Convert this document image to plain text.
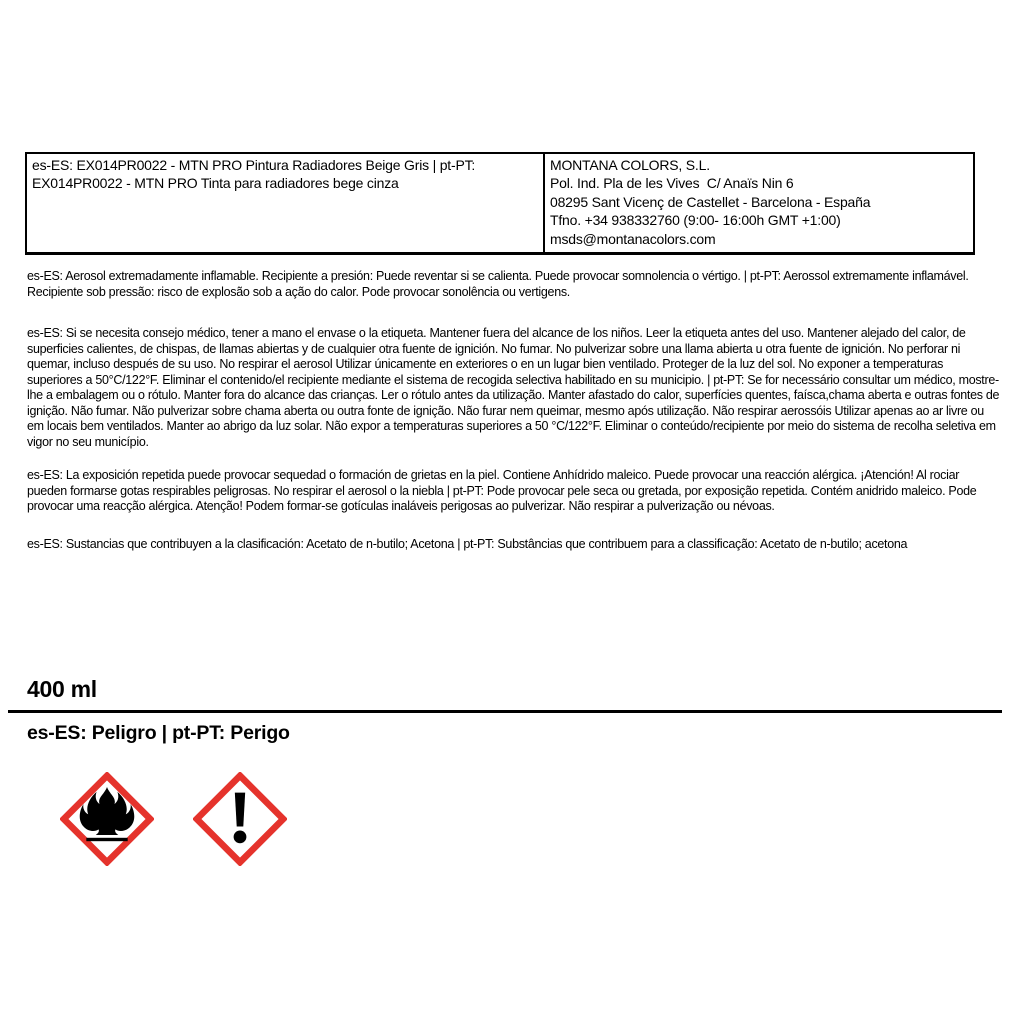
es-ES: EX014PR0022 - MTN PRO Pintura Radiadores Beige Gris | pt-PT: EX014PR0022 - MTN PRO Tinta para radiadores bege cinza	
MONTANA COLORS, S.L.
Pol. Ind. Pla de les Vives  C/ Anaïs Nin 6
08295 Sant Vicenç de Castellet - Barcelona - España
Tfno. +34 938332760 (9:00- 16:00h GMT +1:00)
msds@montanacolors.com

es-ES: Aerosol extremadamente inflamable. Recipiente a presión: Puede reventar si se calienta. Puede provocar somnolencia o vértigo. | pt-PT: Aerossol extremamente inflamável. Recipiente sob pressão: risco de explosão sob a ação do calor. Pode provocar sonolência ou vertigens.

es-ES: Si se necesita consejo médico, tener a mano el envase o la etiqueta. Mantener fuera del alcance de los niños. Leer la etiqueta antes del uso. Mantener alejado del calor, de superficies calientes, de chispas, de llamas abiertas y de cualquier otra fuente de ignición. No fumar. No pulverizar sobre una llama abierta u otra fuente de ignición. No perforar ni quemar, incluso después de su uso. No respirar el aerosol Utilizar únicamente en exteriores o en un lugar bien ventilado. Proteger de la luz del sol. No exponer a temperaturas superiores a 50°C/122°F. Eliminar el contenido/el recipiente mediante el sistema de recogida selectiva habilitado en su municipio. | pt-PT: Se for necessário consultar um médico, mostre-lhe a embalagem ou o rótulo. Manter fora do alcance das crianças. Ler o rótulo antes da utilização. Manter afastado do calor, superfícies quentes, faísca,chama aberta e outras fontes de ignição. Não fumar. Não pulverizar sobre chama aberta ou outra fonte de ignição. Não furar nem queimar, mesmo após utilização. Não respirar aerossóis Utilizar apenas ao ar livre ou em locais bem ventilados. Manter ao abrigo da luz solar. Não expor a temperaturas superiores a 50 °C/122°F. Eliminar o conteúdo/recipiente por meio do sistema de recolha seletiva em vigor no seu município.

es-ES: La exposición repetida puede provocar sequedad o formación de grietas en la piel. Contiene Anhídrido maleico. Puede provocar una reacción alérgica. ¡Atención! Al rociar pueden formarse gotas respirables peligrosas. No respirar el aerosol o la niebla | pt-PT: Pode provocar pele seca ou gretada, por exposição repetida. Contém anidrido maleico. Pode provocar uma reacção alérgica. Atenção! Podem formar-se gotículas inaláveis perigosas ao pulverizar. Não respirar a pulverização ou névoas.

es-ES: Sustancias que contribuyen a la clasificación: Acetato de n-butilo; Acetona | pt-PT: Substâncias que contribuem para a classificação: Acetato de n-butilo; acetona

400 ml
es-ES: Peligro | pt-PT: Perigo
